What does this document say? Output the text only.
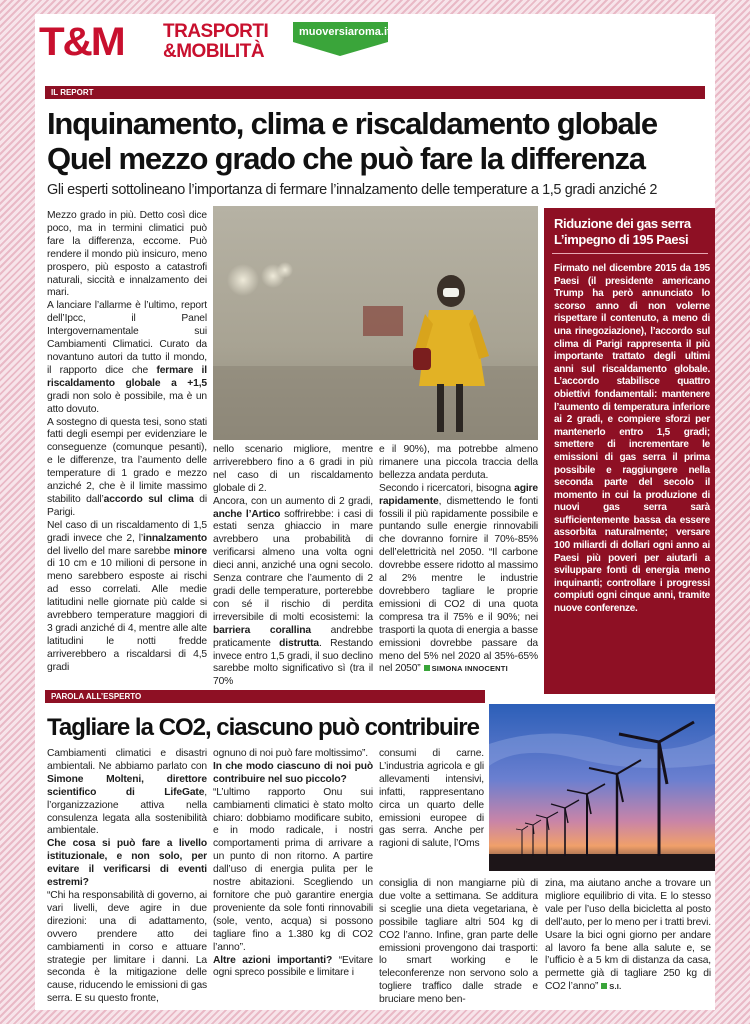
T&M TRASPORTI
&MOBILITÀ
muoversiaroma.it
IL REPORT
Inquinamento, clima e riscaldamento globale
Quel mezzo grado che può fare la differenza
Gli esperti sottolineano l’importanza di fermare l’innalzamento delle temperature a 1,5 gradi anziché 2

Mezzo grado in più. Detto così dice poco, ma in termini climatici può fare la differenza, eccome. Può rendere il mondo più insicuro, meno prospero, più esposto a catastrofi naturali, siccità e innalzamento dei mari.

A lanciare l’allarme è l’ultimo, report dell’Ipcc, il Panel Intergovernamentale sui Cambiamenti Climatici. Curato da novantuno autori da tutto il mondo, il rapporto dice che fermare il riscaldamento globale a +1,5 gradi non solo è possibile, ma è un atto dovuto.

A sostegno di questa tesi, sono stati fatti degli esempi per evidenziare le conseguenze (comunque pesanti), e le differenze, tra l’aumento delle temperature di 1 grado e mezzo anziché 2, che è il limite massimo stabilito dall’accordo sul clima di Parigi.

Nel caso di un riscaldamento di 1,5 gradi invece che 2, l’innalzamento del livello del mare sarebbe minore di 10 cm e 10 milioni di persone in meno sarebbero esposte ai rischi ad esso correlati. Alle medie latitudini nelle giornate più calde si avrebbero temperature maggiori di 3 gradi anziché di 4, mentre alle alte latitudini le notti fredde arriverebbero a riscaldarsi di 4,5 gradi

nello scenario migliore, mentre arriverebbero fino a 6 gradi in più nel caso di un riscaldamento globale di 2.

Ancora, con un aumento di 2 gradi, anche l’Artico soffrirebbe: i casi di estati senza ghiaccio in mare avrebbero una probabilità di verificarsi almeno una volta ogni dieci anni, anziché una ogni secolo. Senza contrare che l’aumento di 2 gradi delle temperature, porterebbe con sé il rischio di perdita irreversibile di molti ecosistemi: la barriera corallina andrebbe praticamente distrutta. Restando invece entro 1,5 gradi, il suo declino sarebbe molto significativo sì (tra il 70%

e il 90%), ma potrebbe almeno rimanere una piccola traccia della bellezza andata perduta.

Secondo i ricercatori, bisogna agire rapidamente, dismettendo le fonti fossili il più rapidamente possibile e puntando sulle energie rinnovabili che dovranno fornire il 70%-85% dell’elettricità nel 2050. “Il carbone dovrebbe essere ridotto al massimo al 2% mentre le industrie dovrebbero tagliare le proprie emissioni di CO2 di una quota compresa tra il 75% e il 90%; nei trasporti la quota di energia a basse emissioni dovrebbe passare da meno del 5% nel 2020 al 35%-65% nel 2050” SIMONA INNOCENTI

Riduzione dei gas serra
L’impegno di 195 Paesi
Firmato nel dicembre 2015 da 195 Paesi (il presidente americano Trump ha però annunciato lo scorso anno di non volerne rispettare il contenuto, a meno di una rinegoziazione), l’accordo sul clima di Parigi rappresenta il più importante trattato degli ultimi anni sul riscaldamento globale. L’accordo stabilisce quattro obiettivi fondamentali: mantenere l’aumento di temperatura inferiore ai 2 gradi, e compiere sforzi per mantenerlo entro 1,5 gradi; smettere di incrementare le emissioni di gas serra il prima possibile e raggiungere nella seconda parte del secolo il momento in cui la produzione di nuovi gas serra sarà sufficientemente bassa da essere assorbita naturalmente; versare 100 miliardi di dollari ogni anno ai Paesi più poveri per aiutarli a sviluppare fonti di energia meno inquinanti; controllare i progressi compiuti ogni cinque anni, tramite nuove conferenze.
PAROLA ALL’ESPERTO
Tagliare la CO2, ciascuno può contribuire

Cambiamenti climatici e disastri ambientali. Ne abbiamo parlato con Simone Molteni, direttore scientifico di LifeGate, l’organizzazione attiva nella consulenza legata alla sostenibilità ambientale.

Che cosa si può fare a livello istituzionale, e non solo, per evitare il verificarsi di eventi estremi?

“Chi ha responsabilità di governo, ai vari livelli, deve agire in due direzioni: una di adattamento, ovvero prendere atto dei cambiamenti in corso e attuare strategie per limitare i danni. La seconda è la mitigazione delle cause, riducendo le emissioni di gas serra. E su questo fronte,

ognuno di noi può fare moltissimo”.

In che modo ciascuno di noi può contribuire nel suo piccolo?

“L’ultimo rapporto Onu sui cambiamenti climatici è stato molto chiaro: dobbiamo modificare subito, e in modo radicale, i nostri comportamenti prima di arrivare a un punto di non ritorno. A partire dall’uso di energia pulita per le nostre abitazioni. Scegliendo un fornitore che può garantire energia proveniente da sole fonti rinnovabili (sole, vento, acqua) si possono tagliare fino a 1.380 kg di CO2 l’anno”.

Altre azioni importanti? “Evitare ogni spreco possibile e limitare i

consumi di carne. L’industria agricola e gli allevamenti intensivi, infatti, rappresentano circa un quarto delle emissioni europee di gas serra. Anche per ragioni di salute, l’Oms

consiglia di non mangiarne più di due volte a settimana. Se additura si sceglie una dieta vegetariana, è possibile tagliare altri 504 kg di CO2 l’anno. Infine, gran parte delle emissioni provengono dai trasporti: lo smart working e le teleconferenze non servono solo a togliere traffico dalle strade e bruciare meno ben-

zina, ma aiutano anche a trovare un migliore equilibrio di vita. E lo stesso vale per l’uso della bicicletta al posto dell’auto, per lo meno per i tratti brevi. Usare la bici ogni giorno per andare al lavoro fa bene alla salute e, se l’ufficio è a 5 km di distanza da casa, permette già di tagliare 250 kg di CO2 l’anno” S.I.
